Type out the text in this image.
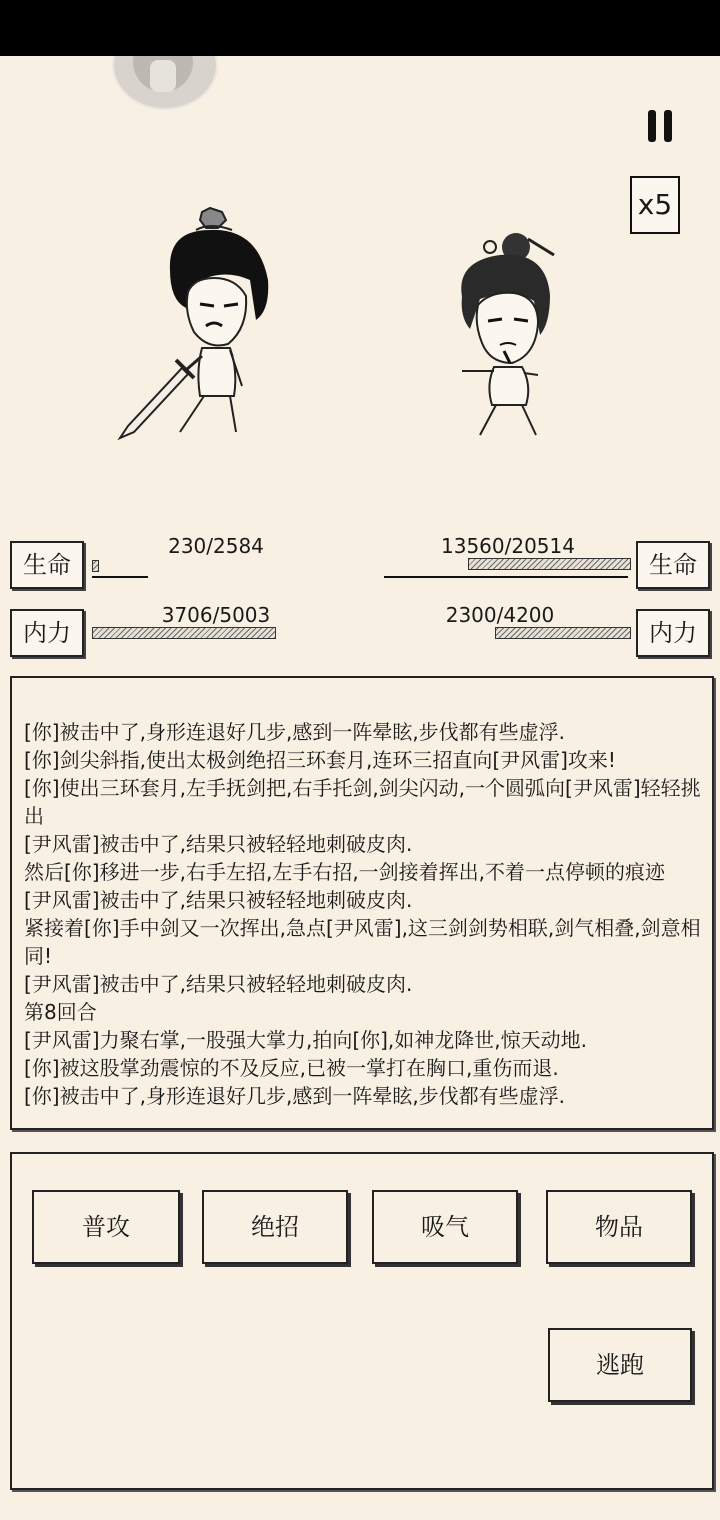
x5
生命
内力
230/2584
3706/5003
生命
内力
13560/20514
2300/4200
[你]被击中了,身形连退好几步,感到一阵晕眩,步伐都有些虚浮.
[你]剑尖斜指,使出太极剑绝招三环套月,连环三招直向[尹风雷]攻来!
[你]使出三环套月,左手抚剑把,右手托剑,剑尖闪动,一个圆弧向[尹风雷]轻轻挑出
[尹风雷]被击中了,结果只被轻轻地刺破皮肉.
然后[你]移进一步,右手左招,左手右招,一剑接着挥出,不着一点停顿的痕迹
[尹风雷]被击中了,结果只被轻轻地刺破皮肉.
紧接着[你]手中剑又一次挥出,急点[尹风雷],这三剑剑势相联,剑气相叠,剑意相同!
[尹风雷]被击中了,结果只被轻轻地刺破皮肉.
第8回合
[尹风雷]力聚右掌,一股强大掌力,拍向[你],如神龙降世,惊天动地.
[你]被这股掌劲震惊的不及反应,已被一掌打在胸口,重伤而退.
[你]被击中了,身形连退好几步,感到一阵晕眩,步伐都有些虚浮.
普攻	绝招	吸气	物品
逃跑
